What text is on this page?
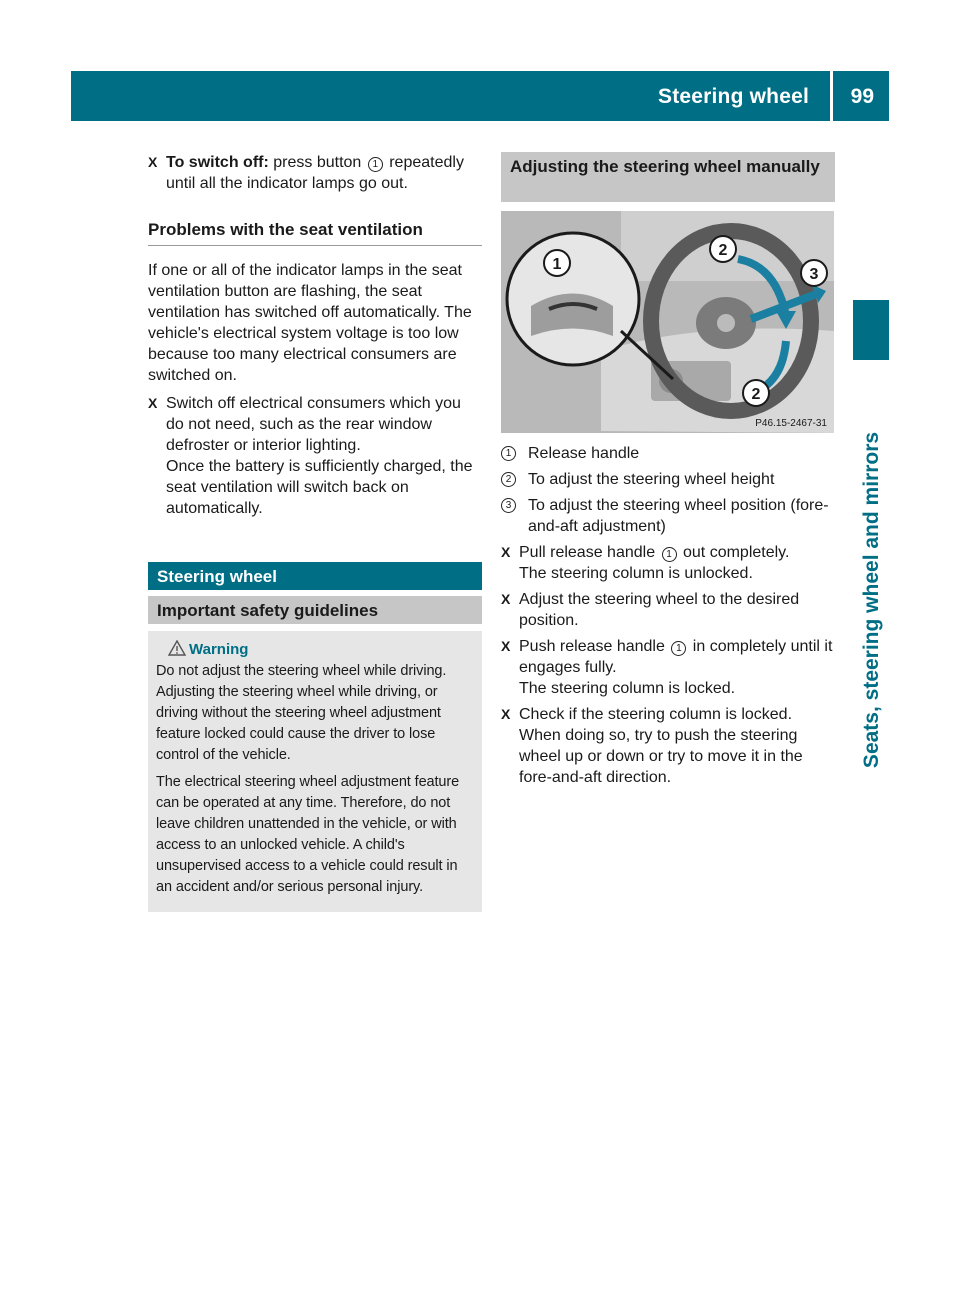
Steering wheel 99
Seats, steering wheel and mirrors
X To switch off: press button 1 repeatedly until all the indicator lamps go out.
Problems with the seat ventilation
If one or all of the indicator lamps in the seat ventilation button are flashing, the seat ventilation has switched off automatically. The vehicle's electrical system voltage is too low because too many electrical consumers are switched on.
X Switch off electrical consumers which you do not need, such as the rear window defroster or interior lighting.
Once the battery is sufficiently charged, the seat ventilation will switch back on automatically.
Steering wheel
Important safety guidelines
Warning

Do not adjust the steering wheel while driving. Adjusting the steering wheel while driving, or driving without the steering wheel adjustment feature locked could cause the driver to lose control of the vehicle.

The electrical steering wheel adjustment feature can be operated at any time. Therefore, do not leave children unattended in the vehicle, or with access to an unlocked vehicle. A child's unsupervised access to a vehicle could result in an accident and/or serious personal injury.

Adjusting the steering wheel manually
1
2
3
2
P46.15-2467-31
1 Release handle
2 To adjust the steering wheel height
3 To adjust the steering wheel position (fore-and-aft adjustment)
X Pull release handle 1 out completely.
The steering column is unlocked.
X Adjust the steering wheel to the desired position.
X Push release handle 1 in completely until it engages fully.
The steering column is locked.
X Check if the steering column is locked.
When doing so, try to push the steering wheel up or down or try to move it in the fore-and-aft direction.
